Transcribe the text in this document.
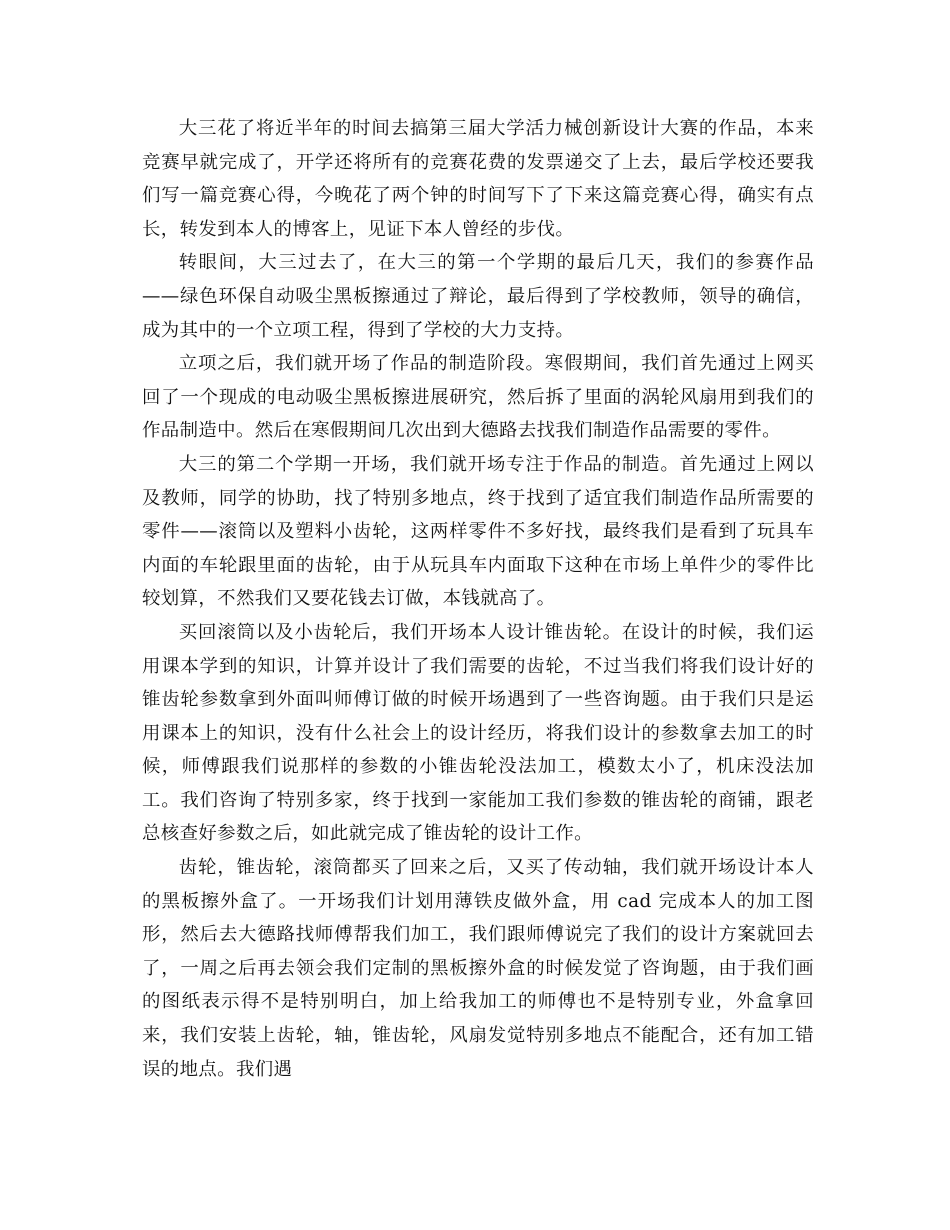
大三花了将近半年的时间去搞第三届大学活力械创新设计大赛的作品，本来竞赛早就完成了，开学还将所有的竞赛花费的发票递交了上去，最后学校还要我们写一篇竞赛心得，今晚花了两个钟的时间写下了下来这篇竞赛心得，确实有点长，转发到本人的博客上，见证下本人曾经的步伐。

转眼间，大三过去了，在大三的第一个学期的最后几天，我们的参赛作品——绿色环保自动吸尘黑板擦通过了辩论，最后得到了学校教师，领导的确信，成为其中的一个立项工程，得到了学校的大力支持。

立项之后，我们就开场了作品的制造阶段。寒假期间，我们首先通过上网买回了一个现成的电动吸尘黑板擦进展研究，然后拆了里面的涡轮风扇用到我们的作品制造中。然后在寒假期间几次出到大德路去找我们制造作品需要的零件。

大三的第二个学期一开场，我们就开场专注于作品的制造。首先通过上网以及教师，同学的协助，找了特别多地点，终于找到了适宜我们制造作品所需要的零件——滚筒以及塑料小齿轮，这两样零件不多好找，最终我们是看到了玩具车内面的车轮跟里面的齿轮，由于从玩具车内面取下这种在市场上单件少的零件比较划算，不然我们又要花钱去订做，本钱就高了。

买回滚筒以及小齿轮后，我们开场本人设计锥齿轮。在设计的时候，我们运用课本学到的知识，计算并设计了我们需要的齿轮，不过当我们将我们设计好的锥齿轮参数拿到外面叫师傅订做的时候开场遇到了一些咨询题。由于我们只是运用课本上的知识，没有什么社会上的设计经历，将我们设计的参数拿去加工的时候，师傅跟我们说那样的参数的小锥齿轮没法加工，模数太小了，机床没法加工。我们咨询了特别多家，终于找到一家能加工我们参数的锥齿轮的商铺，跟老总核查好参数之后，如此就完成了锥齿轮的设计工作。

齿轮，锥齿轮，滚筒都买了回来之后，又买了传动轴，我们就开场设计本人的黑板擦外盒了。一开场我们计划用薄铁皮做外盒，用 cad 完成本人的加工图形，然后去大德路找师傅帮我们加工，我们跟师傅说完了我们的设计方案就回去了，一周之后再去领会我们定制的黑板擦外盒的时候发觉了咨询题，由于我们画的图纸表示得不是特别明白，加上给我加工的师傅也不是特别专业，外盒拿回来，我们安装上齿轮，轴，锥齿轮，风扇发觉特别多地点不能配合，还有加工错误的地点。我们遇
